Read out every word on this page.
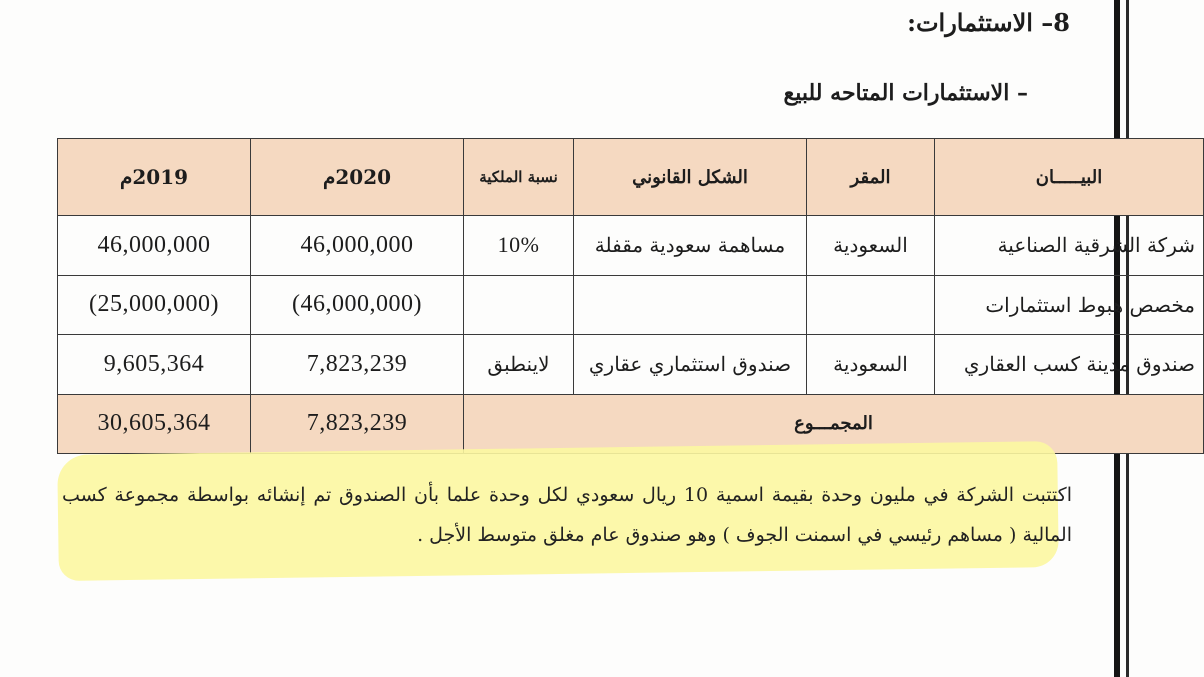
8– الاستثمارات:
– الاستثمارات المتاحه للبيع
البيـــــان	المقر	الشكل القانوني	نسبة الملكية	2020م	2019م
شركة الشرقية الصناعية	السعودية	مساهمة سعودية مقفلة	10%	46,000,000	46,000,000
مخصص هبوط استثمارات				(46,000,000)	(25,000,000)
صندوق مدينة كسب العقاري	السعودية	صندوق استثماري عقاري	لاينطبق	7,823,239	9,605,364
المجمـــوع				7,823,239	30,605,364
اكتتبت الشركة في مليون وحدة بقيمة اسمية 10 ريال سعودي لكل وحدة علما بأن الصندوق تم إنشائه بواسطة مجموعة كسب المالية ( مساهم رئيسي في اسمنت الجوف ) وهو صندوق عام مغلق متوسط الأجل .
